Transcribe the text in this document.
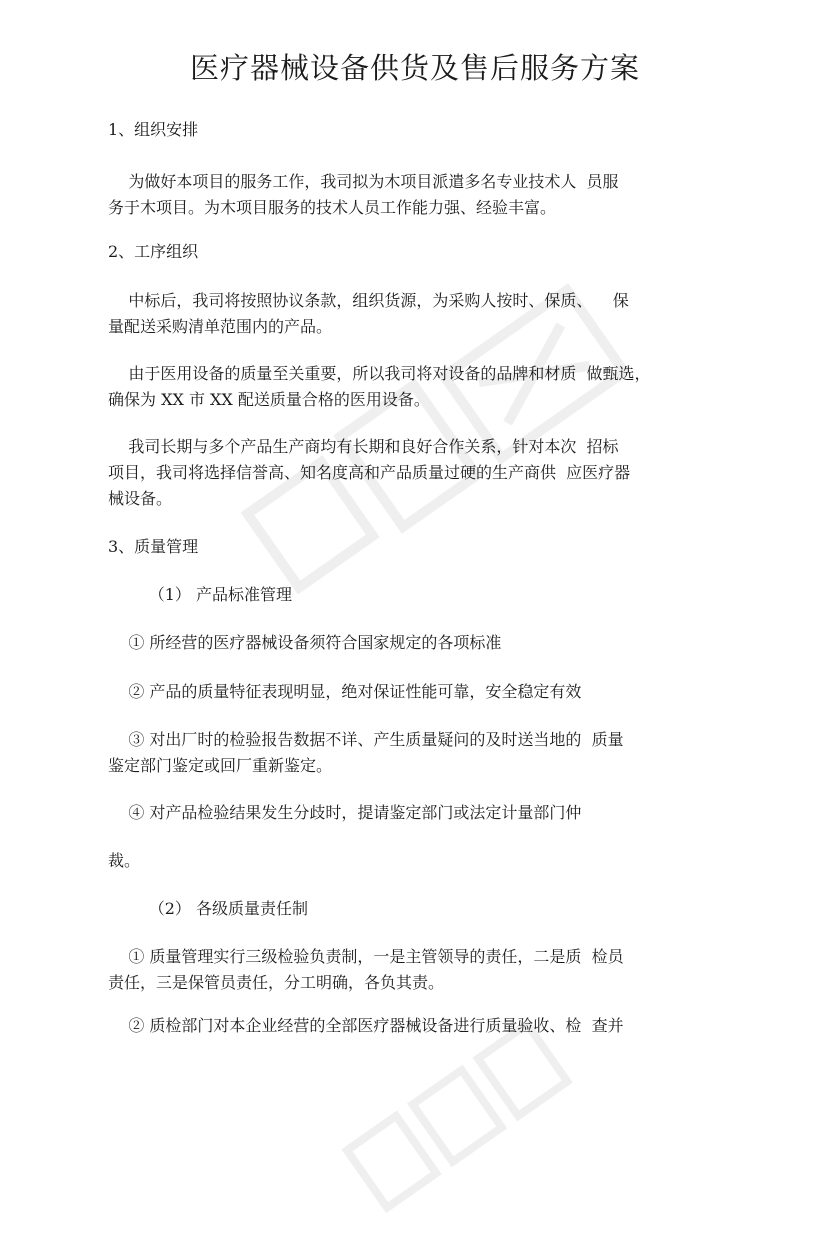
医疗器械设备供货及售后服务方案

1、组织安排

为做好本项目的服务工作，我司拟为木项目派遣多名专业技术人  员服
务于木项目。为木项目服务的技术人员工作能力强、经验丰富。

2、工序组织

中标后，我司将按照协议条款，组织货源，为采购人按时、保质、    保
量配送采购清单范围内的产品。

由于医用设备的质量至关重要，所以我司将对设备的品牌和材质  做甄选，
确保为 XX 市 XX 配送质量合格的医用设备。

我司长期与多个产品生产商均有长期和良好合作关系，针对本次  招标
项目，我司将选择信誉高、知名度高和产品质量过硬的生产商供  应医疗器
械设备。

3、质量管理

（1） 产品标准管理

① 所经营的医疗器械设备须符合国家规定的各项标准

② 产品的质量特征表现明显，绝对保证性能可靠，安全稳定有效

③ 对出厂时的检验报告数据不详、产生质量疑问的及时送当地的  质量
鉴定部门鉴定或回厂重新鉴定。

④ 对产品检验结果发生分歧时，提请鉴定部门或法定计量部门仲

裁。

（2） 各级质量责任制

① 质量管理实行三级检验负责制，一是主管领导的责任，二是质  检员
责任，三是保管员责任，分工明确，各负其责。

② 质检部门对本企业经营的全部医疗器械设备进行质量验收、检  查并
